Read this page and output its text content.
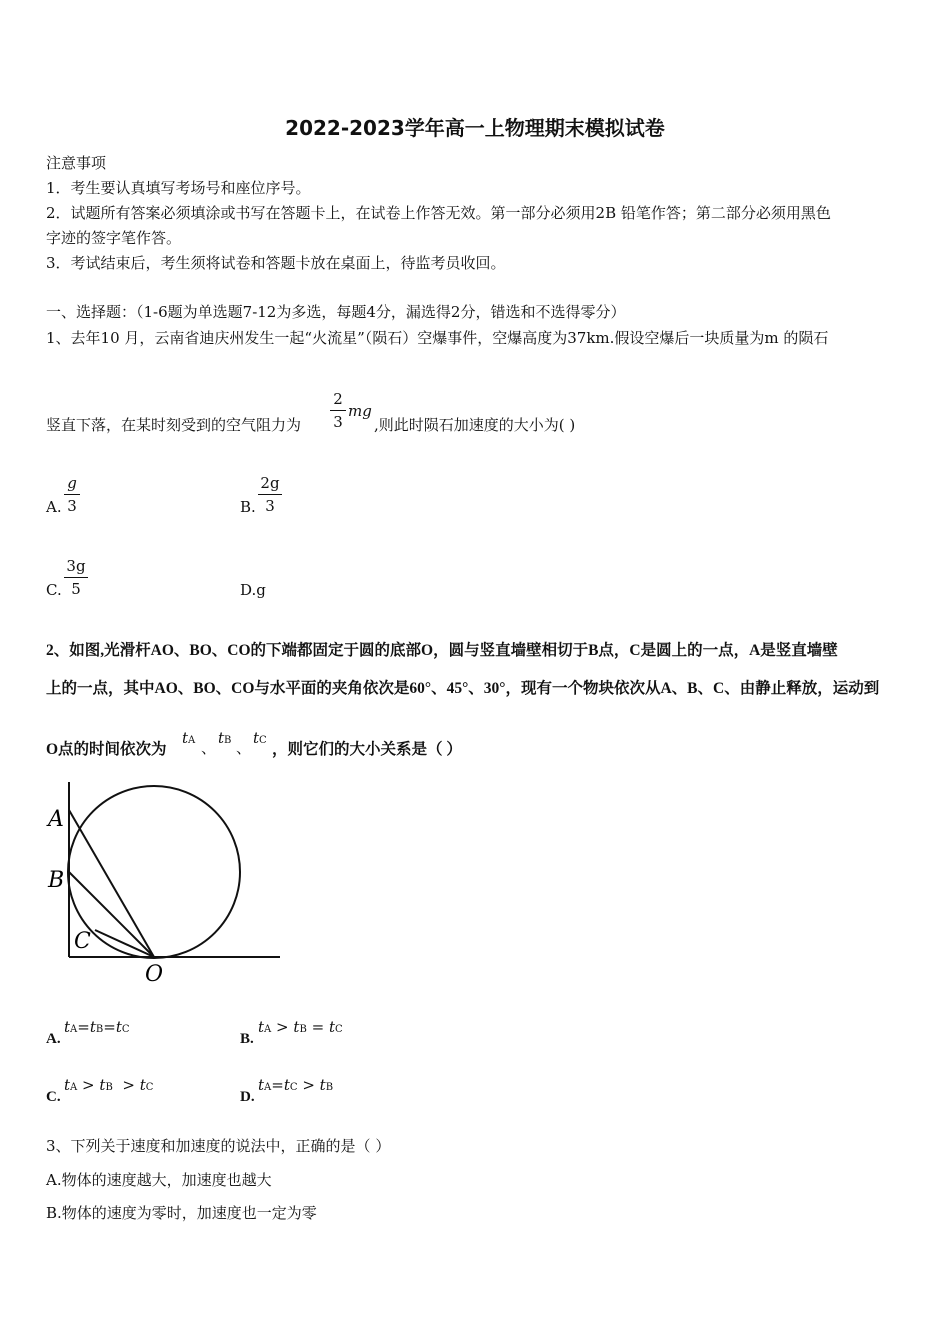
2022-2023学年高一上物理期末模拟试卷
注意事项
1．考生要认真填写考场号和座位序号。
2．试题所有答案必须填涂或书写在答题卡上，在试卷上作答无效。第一部分必须用2B 铅笔作答；第二部分必须用黑色
字迹的签字笔作答。
3．考试结束后，考生须将试卷和答题卡放在桌面上，待监考员收回。
一、选择题：（1-6题为单选题7-12为多选，每题4分，漏选得2分，错选和不选得零分）
1、去年10 月，云南省迪庆州发生一起“火流星”（陨石）空爆事件，空爆高度为37km.假设空爆后一块质量为m 的陨石
竖直下落，在某时刻受到的空气阻力为
2
3
mg
,则此时陨石加速度的大小为( )
A.
g
3	B.
2g
3
C.
3g
5	D.g
2、如图,光滑杆AO、BO、CO的下端都固定于圆的底部O，圆与竖直墙壁相切于B点，C是圆上的一点，A是竖直墙壁
上的一点，其中AO、BO、CO与水平面的夹角依次是60°、45°、30°，现有一个物块依次从A、B、C、由静止释放，运动到
O点的时间依次为
tA 、
tB 、
tC
，则它们的大小关系是（ ）
A
B
C
O
A.
tA=tB=tC
B.
tA > tB = tC
C.
tA > tB > tC
D.
tA=tC > tB
3、下列关于速度和加速度的说法中，正确的是（ ）
A.物体的速度越大，加速度也越大
B.物体的速度为零时，加速度也一定为零
